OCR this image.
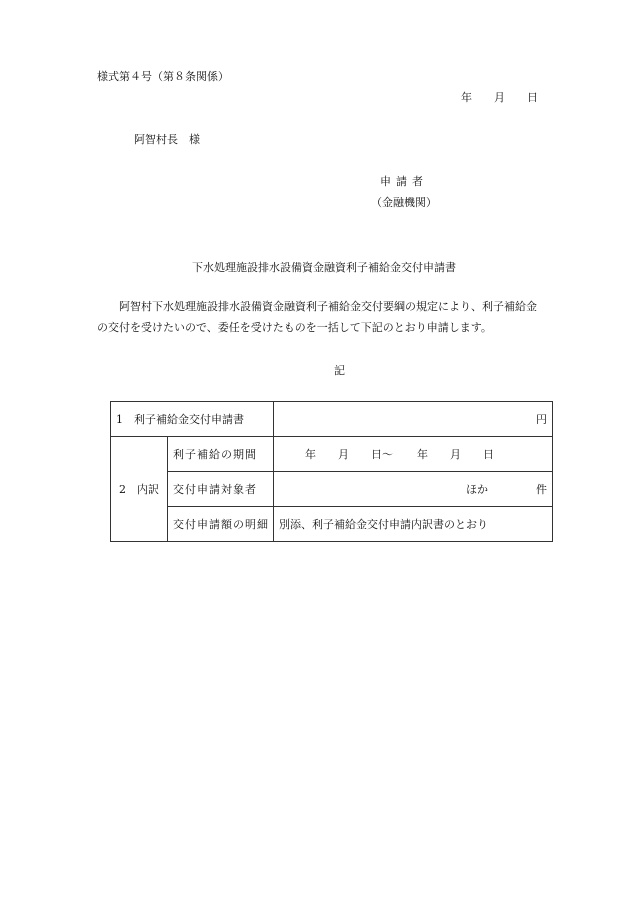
様式第４号（第８条関係）
年 月 日
阿智村長　様
申請者
（金融機関）
下水処理施設排水設備資金融資利子補給金交付申請書

阿智村下水処理施設排水設備資金融資利子補給金交付要綱の規定により、利子補給金

の交付を受けたいので、委任を受けたものを一括して下記のとおり申請します。

記
1　利子補給金交付申請書		円
2　内訳	利子補給の期間	年 月 日～ 年 月 日
	交付申請対象者	ほか 件
	交付申請額の明細	別添、利子補給金交付申請内訳書のとおり
